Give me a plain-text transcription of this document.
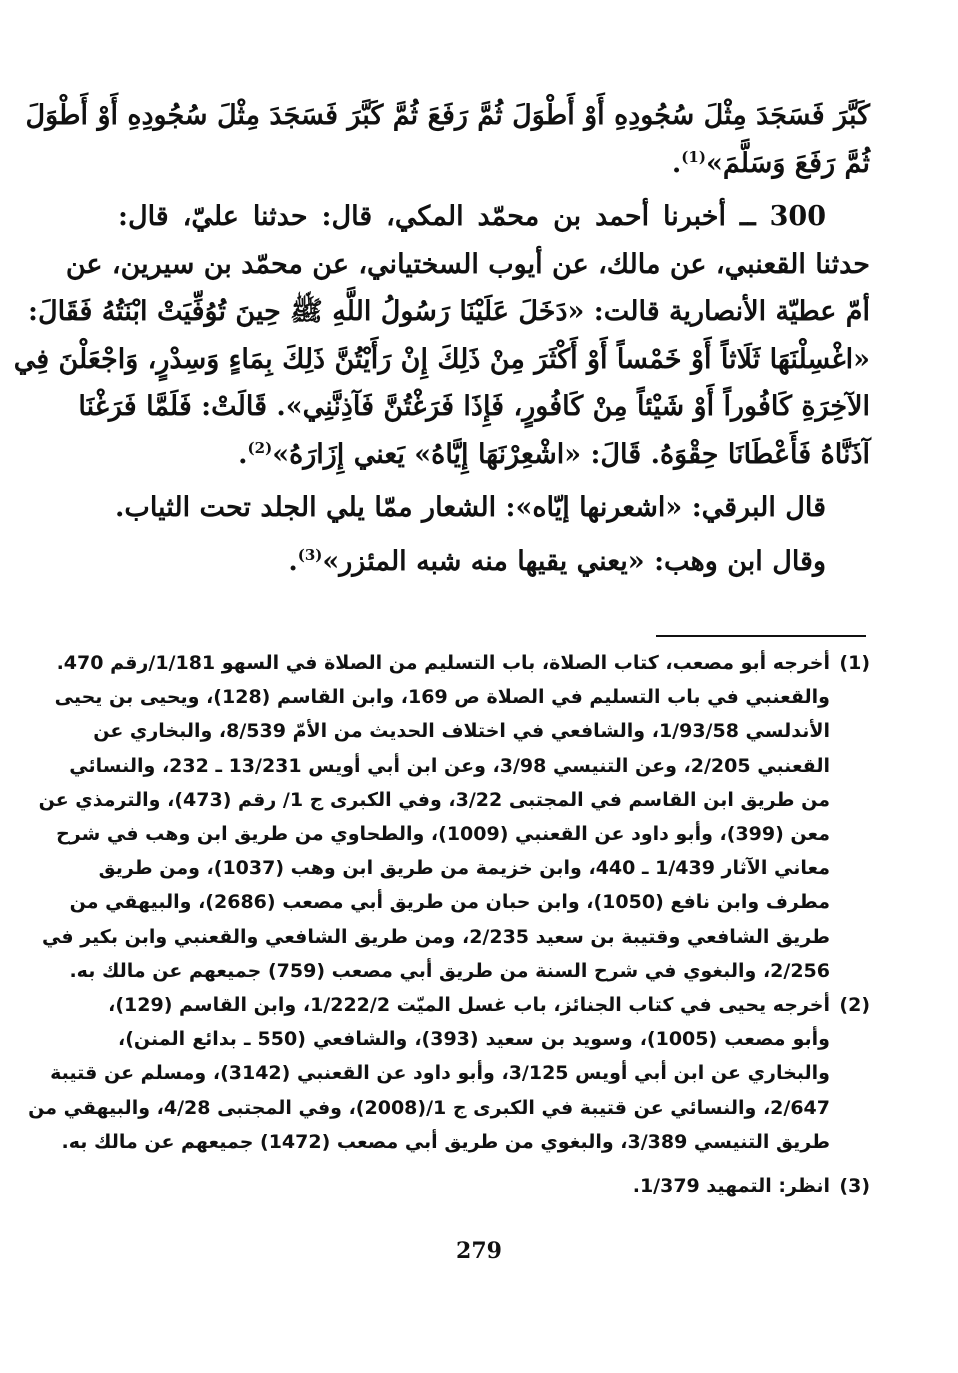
كَبَّرَ فَسَجَدَ مِثْلَ سُجُودِهِ أَوْ أَطْوَلَ ثُمَّ رَفَعَ ثُمَّ كَبَّرَ فَسَجَدَ مِثْلَ سُجُودِهِ أَوْ أَطْوَلَ
ثُمَّ رَفَعَ وَسَلَّمَ»$^{(1)}$.
300 ــ أخبرنا أحمد بن محمّد المكي، قال: حدثنا عليّ، قال:
حدثنا القعنبي، عن مالك، عن أيوب السختياني، عن محمّد بن سيرين، عن
أمّ عطيّة الأنصارية قالت: «دَخَلَ عَلَيْنَا رَسُولُ اللَّهِ ﷺ حِينَ تُوُفِّيَتْ ابْنَتُهُ فَقَالَ:
«اغْسِلْنَهَا ثَلَاثاً أَوْ خَمْساً أَوْ أَكْثَرَ مِنْ ذَلِكَ إِنْ رَأَيْتُنَّ ذَلِكَ بِمَاءٍ وَسِدْرٍ، وَاجْعَلْنَ فِي
الآخِرَةِ كَافُوراً أَوْ شَيْئاً مِنْ كَافُورٍ، فَإِذَا فَرَغْتُنَّ فَآذِنَّنِي». قَالَتْ: فَلَمَّا فَرَغْنَا
آذَنَّاهُ فَأَعْطَانَا حِقْوَهُ. قَالَ: «اشْعِرْنَهَا إِيَّاهُ» يَعني إِزَارَهُ»$^{(2)}$.
قال البرقي: «اشعرنها إيّاه»: الشعار ممّا يلي الجلد تحت الثياب.
وقال ابن وهب: «يعني يقيها منه شبه المئزر»$^{(3)}$.
(1)
أخرجه أبو مصعب، كتاب الصلاة، باب التسليم من الصلاة في السهو 1/181/رقم 470.
والقعنبي في باب التسليم في الصلاة ص 169، وابن القاسم (128)، ويحيى بن يحيى
الأندلسي 1/93/58، والشافعي في اختلاف الحديث من الأمّ 8/539، والبخاري عن
القعنبي 2/205، وعن التنيسي 3/98، وعن ابن أبي أويس 13/231 ـ 232، والنسائي
من طريق ابن القاسم في المجتبى 3/22، وفي الكبرى ج 1/ رقم (473)، والترمذي عن
معن (399)، وأبو داود عن القعنبي (1009)، والطحاوي من طريق ابن وهب في شرح
معاني الآثار 1/439 ـ 440، وابن خزيمة من طريق ابن وهب (1037)، ومن طريق
مطرف وابن نافع (1050)، وابن حبان من طريق أبي مصعب (2686)، والبيهقي من
طريق الشافعي وقتيبة بن سعيد 2/235، ومن طريق الشافعي والقعنبي وابن بكير في
2/256، والبغوي في شرح السنة من طريق أبي مصعب (759) جميعهم عن مالك به.
(2)
أخرجه يحيى في كتاب الجنائز، باب غسل الميّت 1/222/2، وابن القاسم (129)،
وأبو مصعب (1005)، وسويد بن سعيد (393)، والشافعي (550 ـ بدائع المنن)،
والبخاري عن ابن أبي أويس 3/125، وأبو داود عن القعنبي (3142)، ومسلم عن قتيبة
2/647، والنسائي عن قتيبة في الكبرى ج 1/(2008)، وفي المجتبى 4/28، والبيهقي من
طريق التنيسي 3/389، والبغوي من طريق أبي مصعب (1472) جميعهم عن مالك به.
(3)
انظر: التمهيد 1/379.
279
